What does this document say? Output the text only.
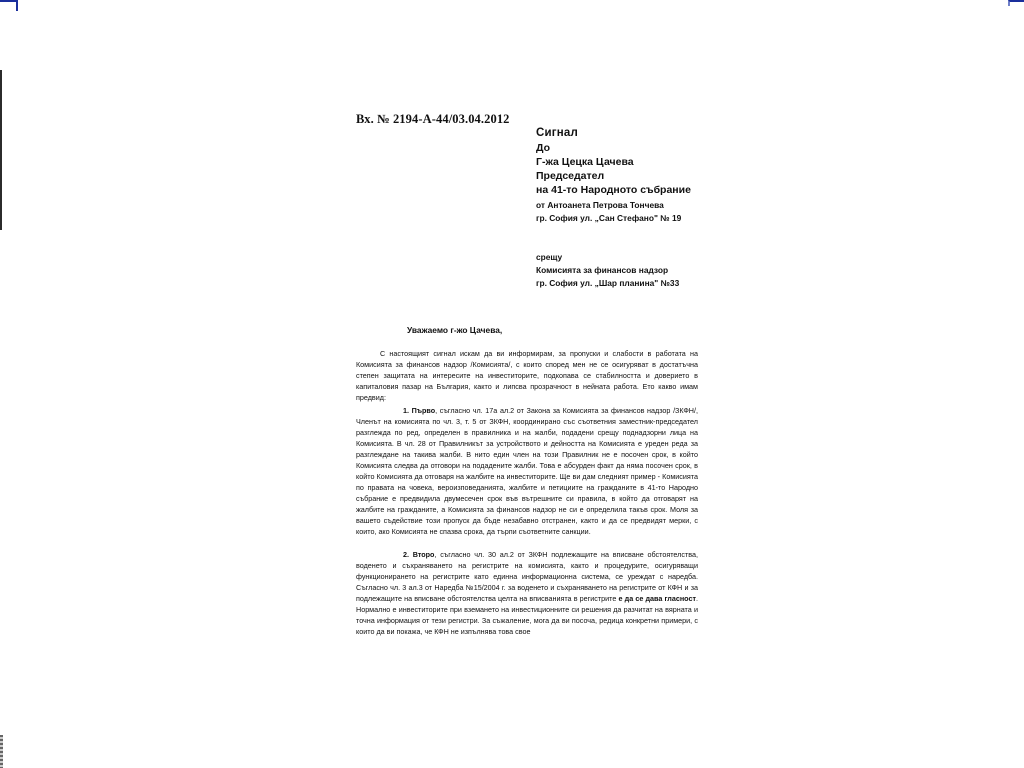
Вх. № 2194-А-44/03.04.2012
Сигнал
До
Г-жа Цецка Цачева
Председател
на 41-то Народното събрание
от Антоанета Петрова Тончева
гр. София ул. „Сан Стефано" № 19
срещу
Комисията за финансов надзор
гр. София ул. „Шар планина" №33
Уважаемо г-жо Цачева,

С настоящият сигнал искам да ви информирам, за пропуски и слабости в работата на Комисията за финансов надзор /Комисията/, с които според мен не се осигуряват в достатъчна степен защитата на интересите на инвеститорите, подкопава се стабилността и доверието в капиталовия пазар на България, както и липсва прозрачност в нейната работа. Ето какво имам предвид:

1. Първо, съгласно чл. 17а ал.2 от Закона за Комисията за финансов надзор /ЗКФН/, Членът на комисията по чл. 3, т. 5 от ЗКФН, координирано със съответния заместник-председател разглежда по ред, определен в правилника и на жалби, подадени срещу поднадзорни лица на Комисията. В чл. 28 от Правилникът за устройството и дейността на Комисията е уреден реда за разглеждане на такива жалби. В нито един член на този Правилник не е посочен срок, в който Комисията следва да отговори на подадените жалби. Това е абсурден факт да няма посочен срок, в който Комисията да отговаря на жалбите на инвеститорите. Ще ви дам следният пример - Комисията по правата на човека, вероизповеданията, жалбите и петициите на гражданите в 41-то Народно събрание е предвидила двумесечен срок във вътрешните си правила, в който да отговарят на жалбите на гражданите, а Комисията за финансов надзор не си е определила такъв срок. Моля за вашето съдействие този пропуск да бъде незабавно отстранен, както и да се предвидят мерки, с които, ако Комисията не спазва срока, да търпи съответните санкции.

2. Второ, съгласно чл. 30 ал.2 от ЗКФН подлежащите на вписване обстоятелства, воденето и съхраняването на регистрите на комисията, както и процедурите, осигуряващи функционирането на регистрите като единна информационна система, се уреждат с наредба. Съгласно чл. 3 ал.3 от Наредба №15/2004 г. за воденето и съхраняването на регистрите от КФН и за подлежащите на вписване обстоятелства целта на вписванията в регистрите е да се дава гласност. Нормално е инвеститорите при вземането на инвестиционните си решения да разчитат на вярната и точна информация от тези регистри. За съжаление, мога да ви посоча, редица конкретни примери, с които да ви покажа, че КФН не изпълнява това свое
